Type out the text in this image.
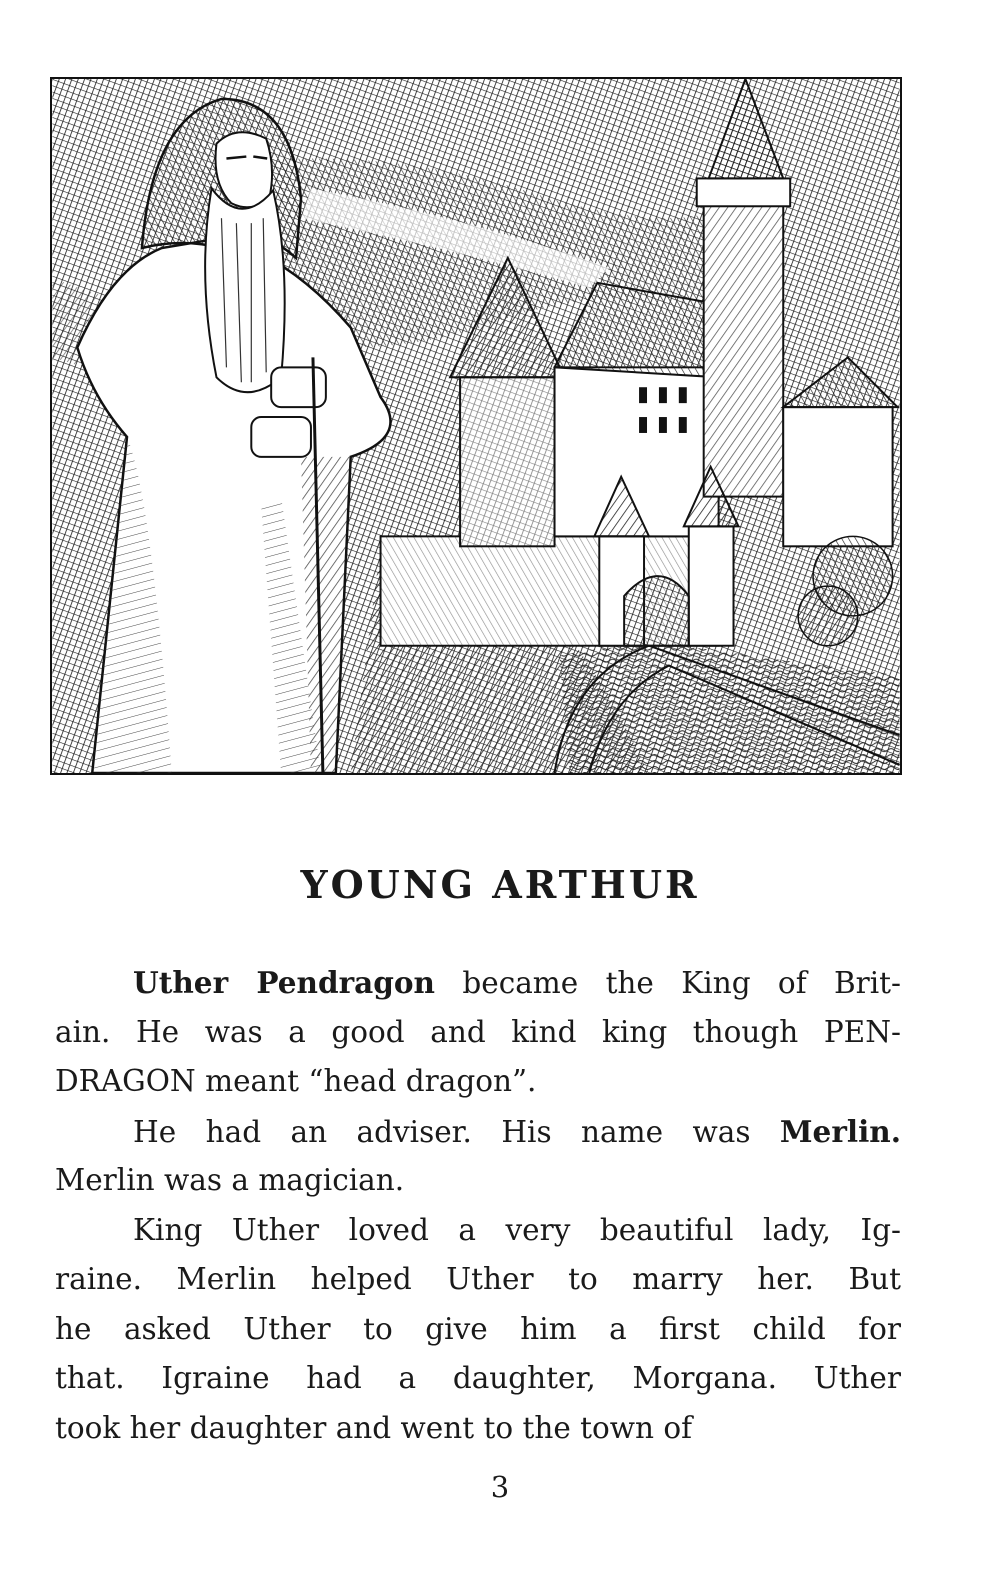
YOUNG ARTHUR
Uther Pendragon became the King of Brit-
ain. He was a good and kind king though PEN-
DRAGON meant “head dragon”.
He had an adviser. His name was Merlin.
Merlin was a magician.
King Uther loved a very beautiful lady, Ig-
raine. Merlin helped Uther to marry her. But
he asked Uther to give him a first child for
that. Igraine had a daughter, Morgana. Uther
took her daughter and went to the town of
3
